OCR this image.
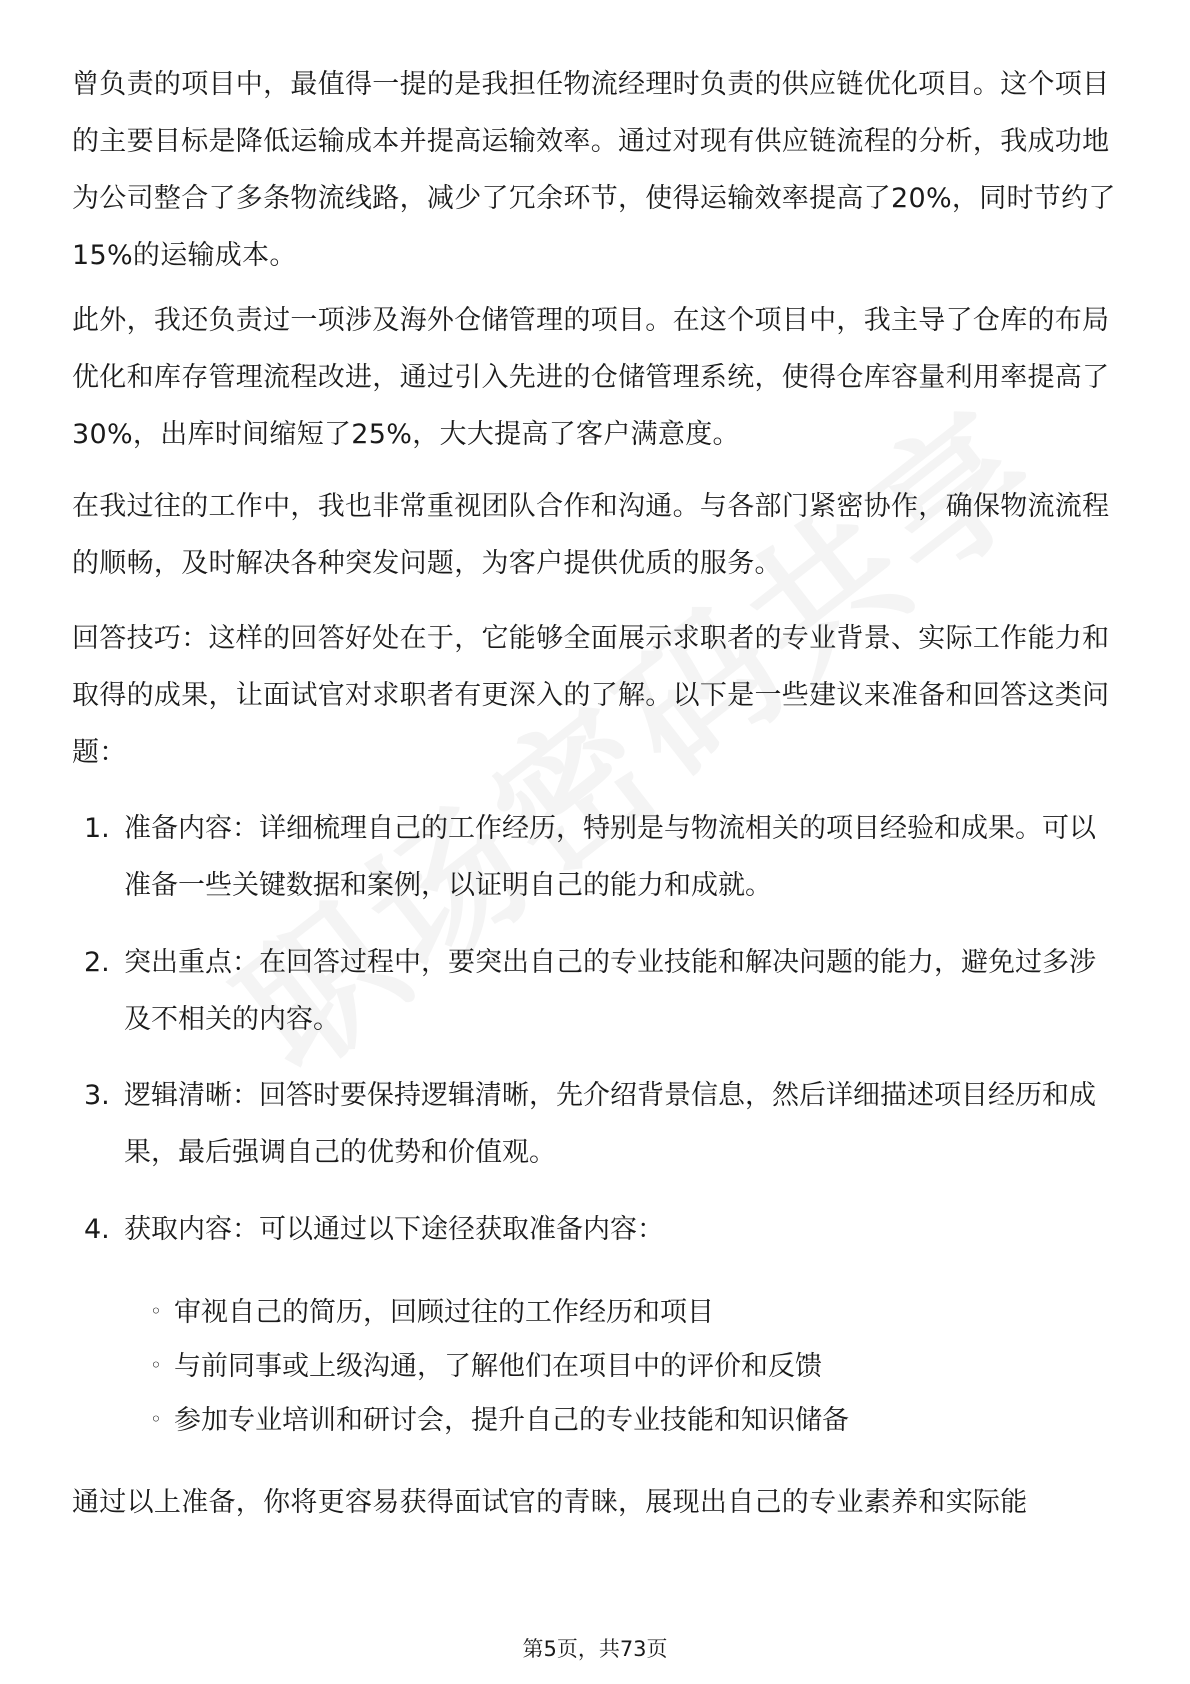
曾负责的项目中，最值得一提的是我担任物流经理时负责的供应链优化项目。这个项目的主要目标是降低运输成本并提高运输效率。通过对现有供应链流程的分析，我成功地为公司整合了多条物流线路，减少了冗余环节，使得运输效率提高了20%，同时节约了15%的运输成本。

此外，我还负责过一项涉及海外仓储管理的项目。在这个项目中，我主导了仓库的布局优化和库存管理流程改进，通过引入先进的仓储管理系统，使得仓库容量利用率提高了30%，出库时间缩短了25%，大大提高了客户满意度。

在我过往的工作中，我也非常重视团队合作和沟通。与各部门紧密协作，确保物流流程的顺畅，及时解决各种突发问题，为客户提供优质的服务。

回答技巧：这样的回答好处在于，它能够全面展示求职者的专业背景、实际工作能力和取得的成果，让面试官对求职者有更深入的了解。以下是一些建议来准备和回答这类问题：

1. 准备内容：详细梳理自己的工作经历，特别是与物流相关的项目经验和成果。可以准备一些关键数据和案例，以证明自己的能力和成就。
2. 突出重点：在回答过程中，要突出自己的专业技能和解决问题的能力，避免过多涉及不相关的内容。
3. 逻辑清晰：回答时要保持逻辑清晰，先介绍背景信息，然后详细描述项目经历和成果，最后强调自己的优势和价值观。
4. 获取内容：可以通过以下途径获取准备内容：
◦ 审视自己的简历，回顾过往的工作经历和项目
◦ 与前同事或上级沟通，了解他们在项目中的评价和反馈
◦ 参加专业培训和研讨会，提升自己的专业技能和知识储备

通过以上准备，你将更容易获得面试官的青睐，展现出自己的专业素养和实际能

第5页，共73页
